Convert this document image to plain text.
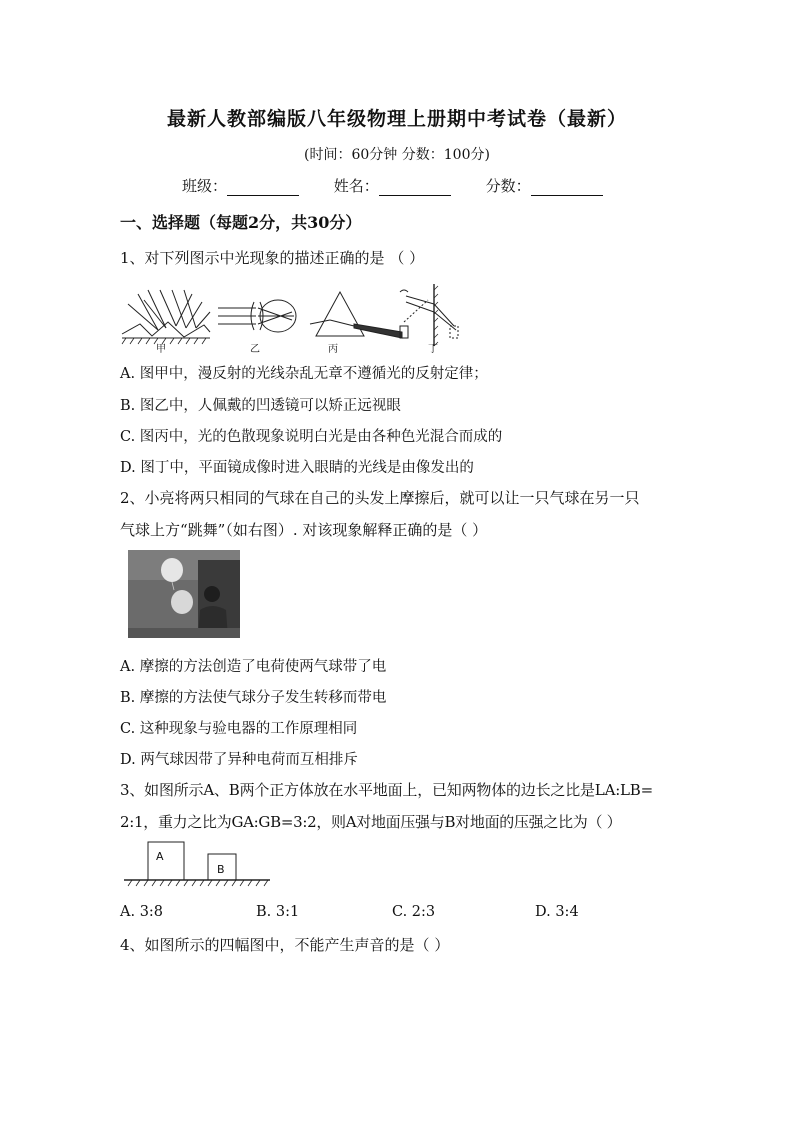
最新人教部编版八年级物理上册期中考试卷（最新）
(时间：60分钟 分数：100分)
班级：	姓名：	分数：
一、选择题（每题2分，共30分）
1、对下列图示中光现象的描述正确的是 （ ）
甲	乙	丙	丁
A. 图甲中，漫反射的光线杂乱无章不遵循光的反射定律；
B. 图乙中，人佩戴的凹透镜可以矫正远视眼
C. 图丙中，光的色散现象说明白光是由各种色光混合而成的
D. 图丁中，平面镜成像时进入眼睛的光线是由像发出的
2、小亮将两只相同的气球在自己的头发上摩擦后，就可以让一只气球在另一只
气球上方“跳舞”（如右图）. 对该现象解释正确的是（ ）
A. 摩擦的方法创造了电荷使两气球带了电
B. 摩擦的方法使气球分子发生转移而带电
C. 这种现象与验电器的工作原理相同
D. 两气球因带了异种电荷而互相排斥
3、如图所示A、B两个正方体放在水平地面上，已知两物体的边长之比是LA:LB=
2:1，重力之比为GA:GB=3:2，则A对地面压强与B对地面的压强之比为（ ）
A
B
A. 3:8	B. 3:1	C. 2:3	D. 3:4
4、如图所示的四幅图中，不能产生声音的是（ ）
